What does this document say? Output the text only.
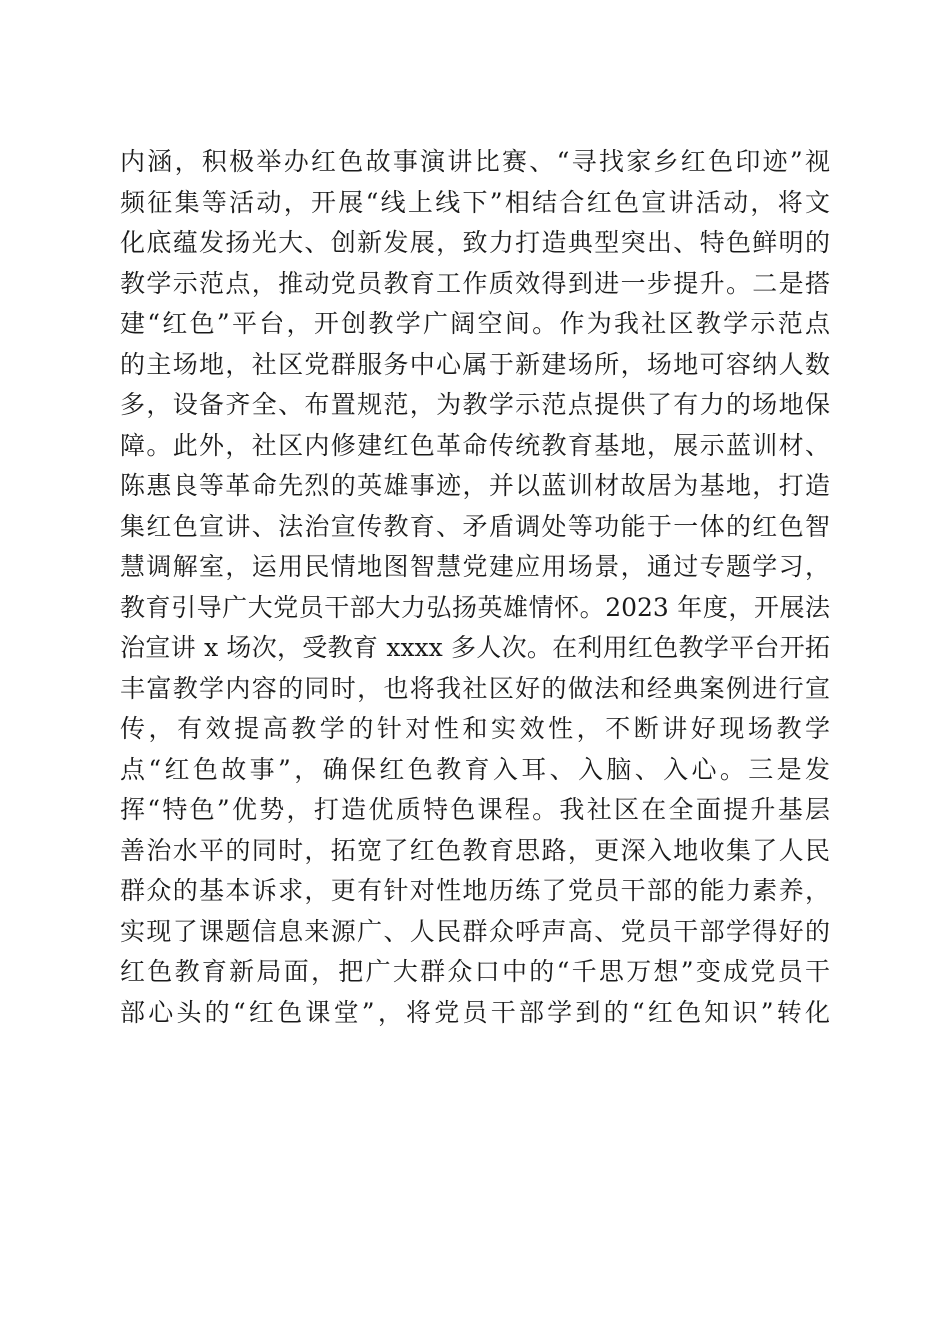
内涵，积极举办红色故事演讲比赛、“寻找家乡红色印迹”视
频征集等活动，开展“线上线下”相结合红色宣讲活动，将文
化底蕴发扬光大、创新发展，致力打造典型突出、特色鲜明的
教学示范点，推动党员教育工作质效得到进一步提升。二是搭
建“红色”平台，开创教学广阔空间。作为我社区教学示范点
的主场地，社区党群服务中心属于新建场所，场地可容纳人数
多，设备齐全、布置规范，为教学示范点提供了有力的场地保
障。此外，社区内修建红色革命传统教育基地，展示蓝训材、
陈惠良等革命先烈的英雄事迹，并以蓝训材故居为基地，打造
集红色宣讲、法治宣传教育、矛盾调处等功能于一体的红色智
慧调解室，运用民情地图智慧党建应用场景，通过专题学习，
教育引导广大党员干部大力弘扬英雄情怀。2023 年度，开展法
治宣讲 x 场次，受教育 xxxx 多人次。在利用红色教学平台开拓
丰富教学内容的同时，也将我社区好的做法和经典案例进行宣
传，有效提高教学的针对性和实效性，不断讲好现场教学
点“红色故事”，确保红色教育入耳、入脑、入心。三是发
挥“特色”优势，打造优质特色课程。我社区在全面提升基层
善治水平的同时，拓宽了红色教育思路，更深入地收集了人民
群众的基本诉求，更有针对性地历练了党员干部的能力素养，
实现了课题信息来源广、人民群众呼声高、党员干部学得好的
红色教育新局面，把广大群众口中的“千思万想”变成党员干
部心头的“红色课堂”，将党员干部学到的“红色知识”转化
